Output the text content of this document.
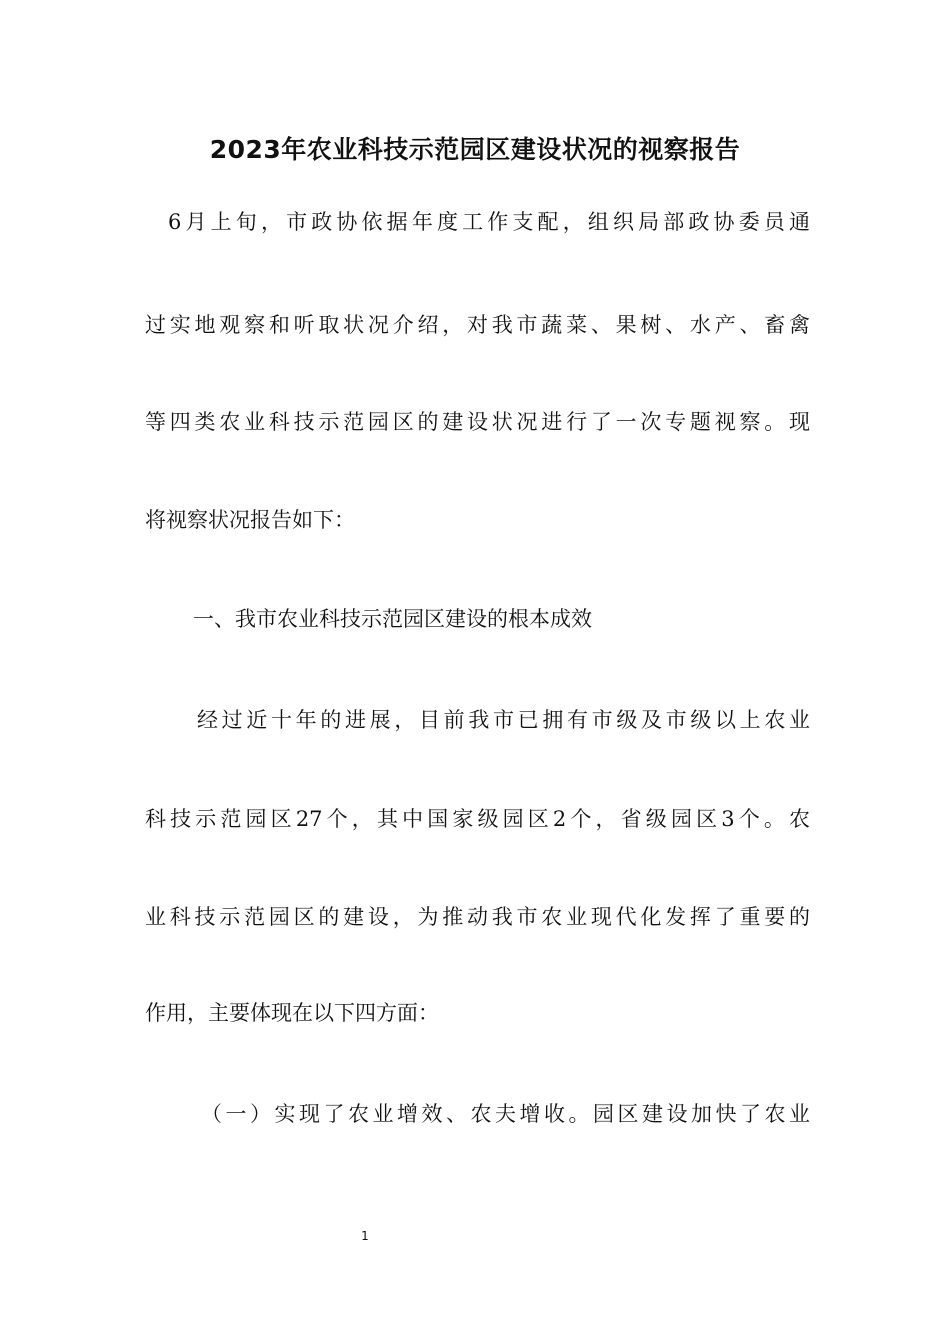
2023年农业科技示范园区建设状况的视察报告

6月上旬，市政协依据年度工作支配，组织局部政协委员通

过实地观察和听取状况介绍，对我市蔬菜、果树、水产、畜禽

等四类农业科技示范园区的建设状况进行了一次专题视察。现

将视察状况报告如下：

一、我市农业科技示范园区建设的根本成效

经过近十年的进展，目前我市已拥有市级及市级以上农业

科技示范园区27个，其中国家级园区2个，省级园区3个。农

业科技示范园区的建设，为推动我市农业现代化发挥了重要的

作用，主要体现在以下四方面：

（一）实现了农业增效、农夫增收。园区建设加快了农业

1
